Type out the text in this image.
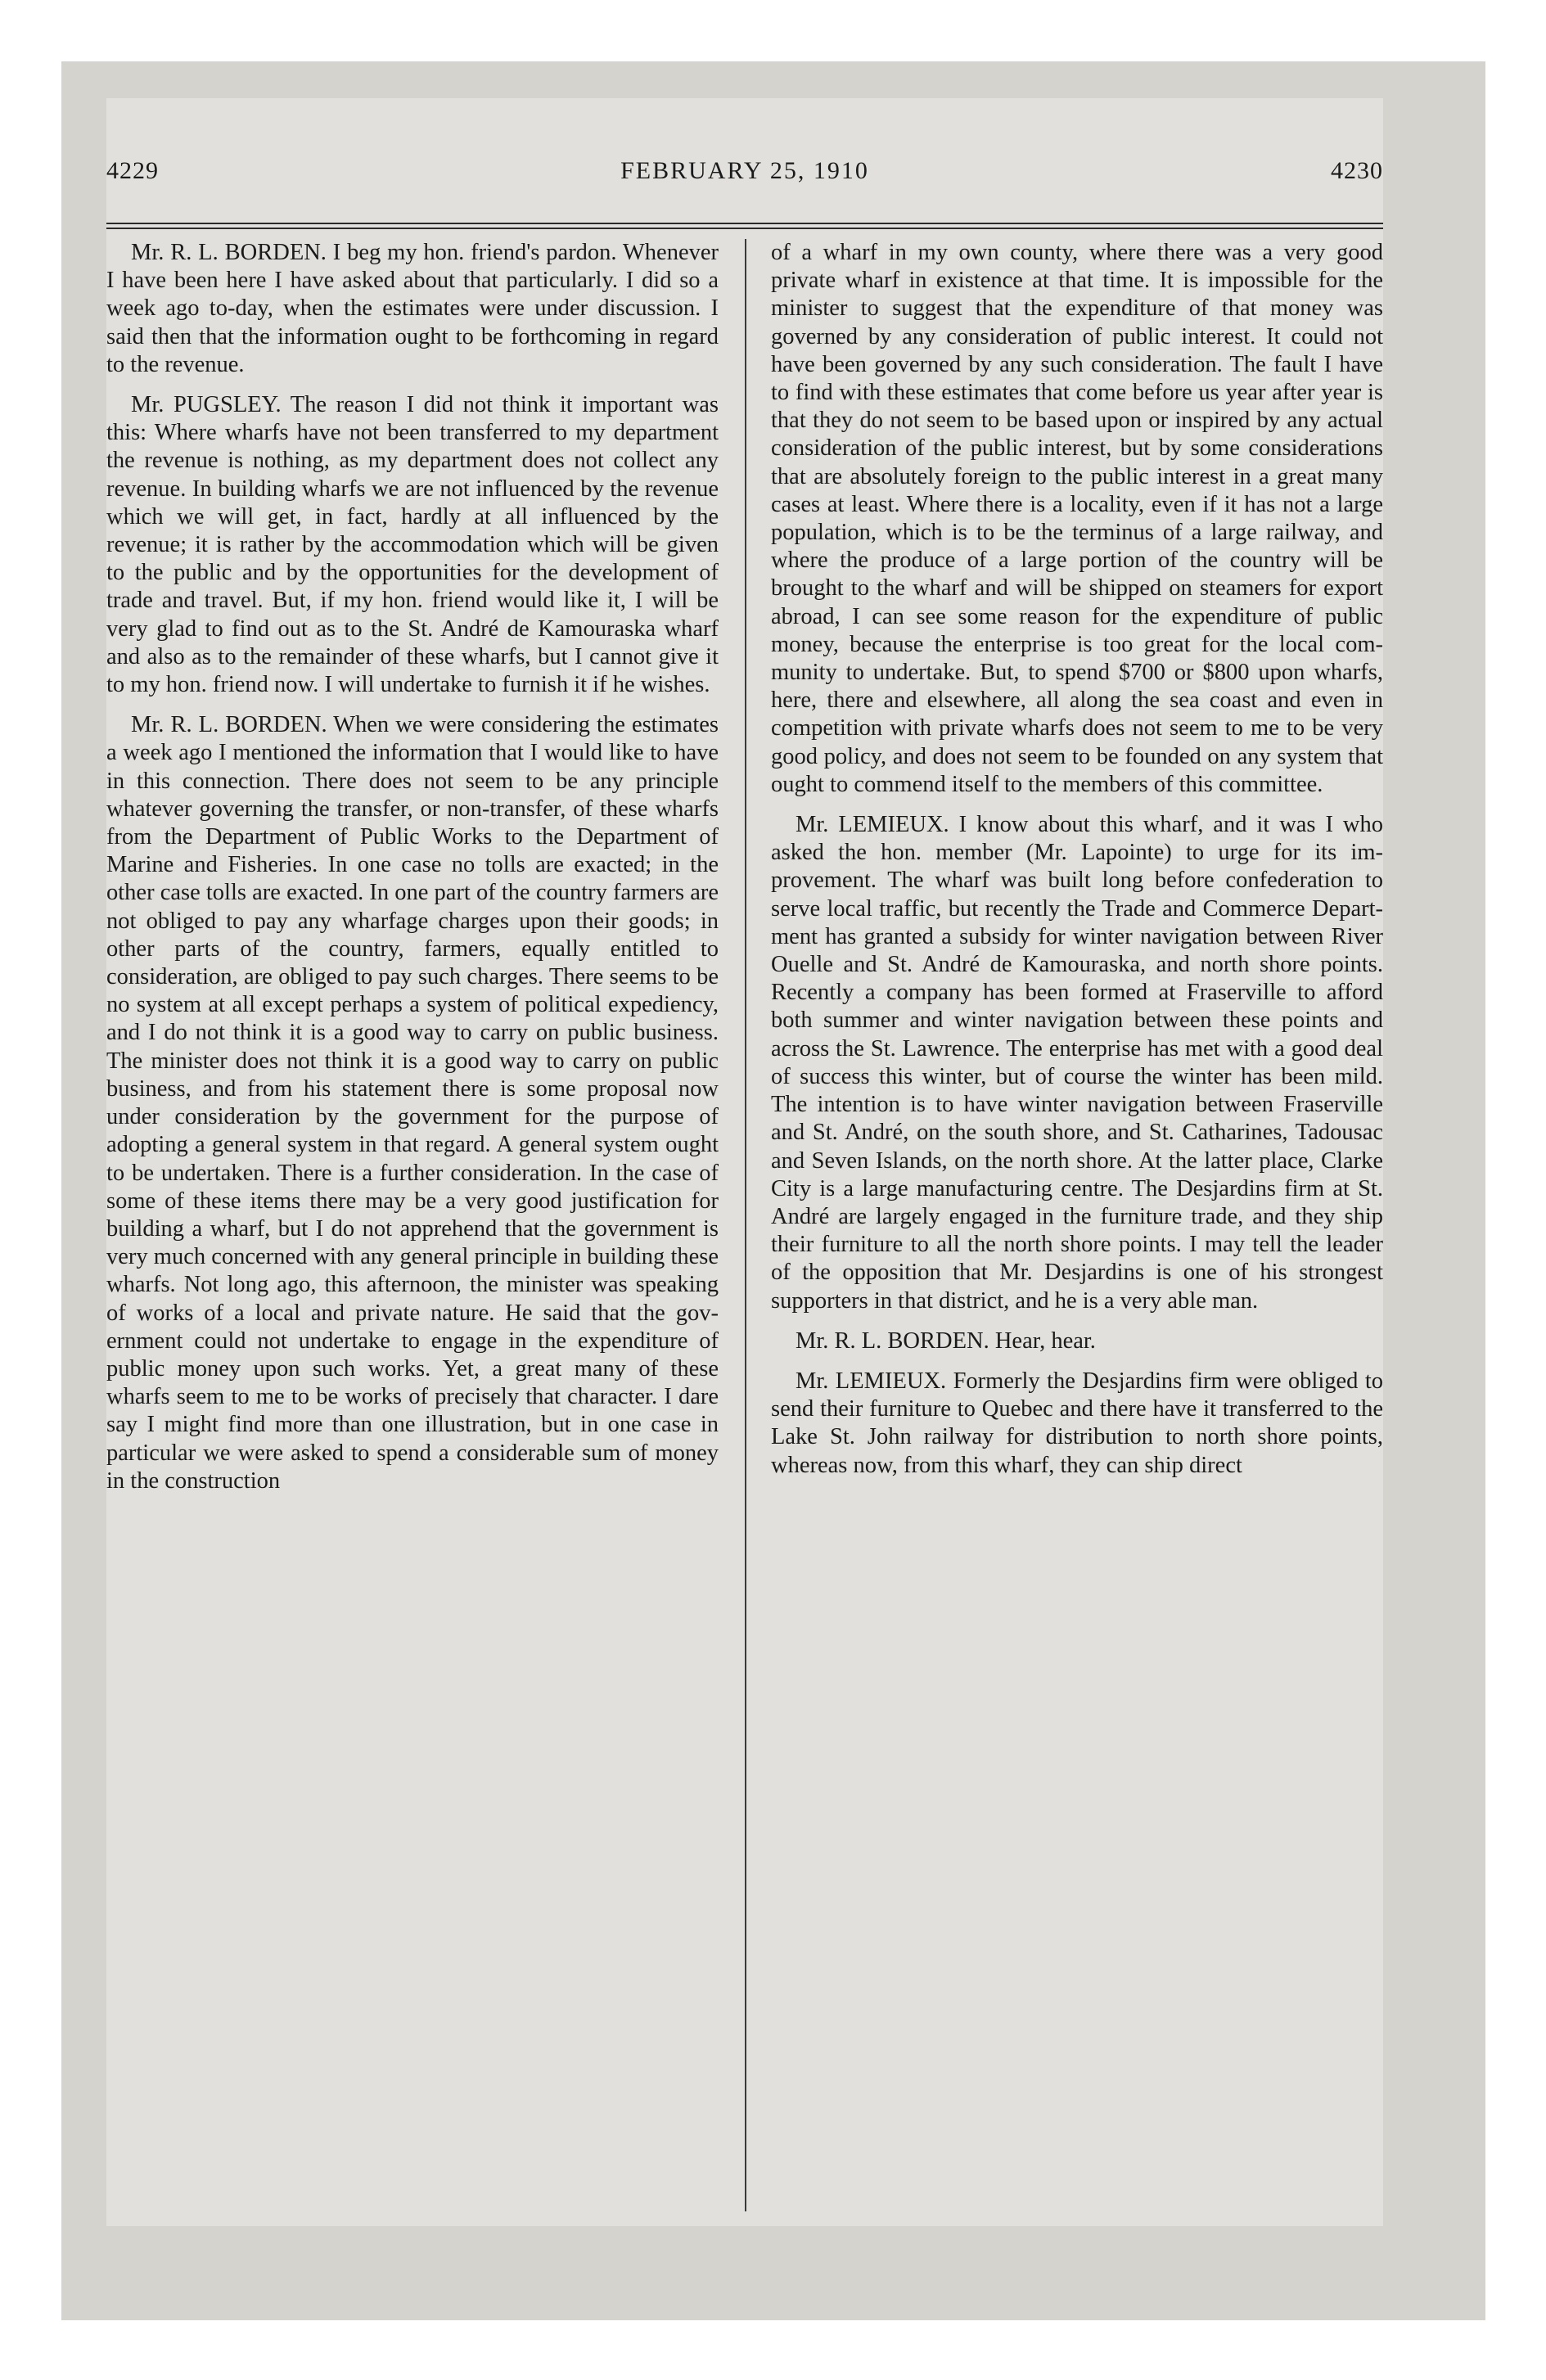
4229	FEBRUARY 25, 1910	4230

Mr. R. L. BORDEN. I beg my hon. friend's pardon. Whenever I have been here I have asked about that particularly. I did so a week ago to-day, when the estimates were under discussion. I said then that the information ought to be forthcoming in regard to the revenue.

Mr. PUGSLEY. The reason I did not think it important was this: Where wharfs have not been transferred to my department the revenue is nothing, as my department does not collect any revenue. In building wharfs we are not influenced by the revenue which we will get, in fact, hardly at all influenced by the revenue; it is rather by the accommodation which will be given to the public and by the opportunities for the development of trade and travel. But, if my hon. friend would like it, I will be very glad to find out as to the St. André de Kamouraska wharf and also as to the remainder of these wharfs, but I cannot give it to my hon. friend now. I will undertake to furnish it if he wishes.

Mr. R. L. BORDEN. When we were considering the estimates a week ago I mentioned the information that I would like to have in this connection. There does not seem to be any principle whatever governing the transfer, or non-transfer, of these wharfs from the Department of Public Works to the Department of Marine and Fisheries. In one case no tolls are exacted; in the other case tolls are exacted. In one part of the country farmers are not obliged to pay any wharfage charges upon their goods; in other parts of the country, farmers, equally entitled to consideration, are obliged to pay such charges. There seems to be no system at all except perhaps a system of political expediency, and I do not think it is a good way to carry on public business. The minister does not think it is a good way to carry on public business, and from his statement there is some proposal now under consideration by the government for the purpose of adopting a general system in that regard. A general system ought to be undertaken. There is a further consideration. In the case of some of these items there may be a very good justification for building a wharf, but I do not apprehend that the government is very much concerned with any general principle in building these wharfs. Not long ago, this afternoon, the minister was speaking of works of a local and private nature. He said that the government could not undertake to engage in the expenditure of public money upon such works. Yet, a great many of these wharfs seem to me to be works of precisely that character. I dare say I might find more than one illustration, but in one case in particular we were asked to spend a considerable sum of money in the construction

of a wharf in my own county, where there was a very good private wharf in existence at that time. It is impossible for the minister to suggest that the expenditure of that money was governed by any consideration of public interest. It could not have been governed by any such consideration. The fault I have to find with these estimates that come before us year after year is that they do not seem to be based upon or inspired by any actual consideration of the public interest, but by some considerations that are absolutely foreign to the public interest in a great many cases at least. Where there is a locality, even if it has not a large population, which is to be the terminus of a large railway, and where the produce of a large portion of the country will be brought to the wharf and will be shipped on steamers for export abroad, I can see some reason for the expenditure of public money, because the enterprise is too great for the local community to undertake. But, to spend $700 or $800 upon wharfs, here, there and elsewhere, all along the sea coast and even in competition with private wharfs does not seem to me to be very good policy, and does not seem to be founded on any system that ought to commend itself to the members of this committee.

Mr. LEMIEUX. I know about this wharf, and it was I who asked the hon. member (Mr. Lapointe) to urge for its improvement. The wharf was built long before confederation to serve local traffic, but recently the Trade and Commerce Department has granted a subsidy for winter navigation between River Ouelle and St. André de Kamouraska, and north shore points. Recently a company has been formed at Fraserville to afford both summer and winter navigation between these points and across the St. Lawrence. The enterprise has met with a good deal of success this winter, but of course the winter has been mild. The intention is to have winter navigation between Fraserville and St. André, on the south shore, and St. Catharines, Tadousac and Seven Islands, on the north shore. At the latter place, Clarke City is a large manufacturing centre. The Desjardins firm at St. André are largely engaged in the furniture trade, and they ship their furniture to all the north shore points. I may tell the leader of the opposition that Mr. Desjardins is one of his strongest supporters in that district, and he is a very able man.

Mr. R. L. BORDEN. Hear, hear.

Mr. LEMIEUX. Formerly the Desjardins firm were obliged to send their furniture to Quebec and there have it transferred to the Lake St. John railway for distribution to north shore points, whereas now, from this wharf, they can ship direct
